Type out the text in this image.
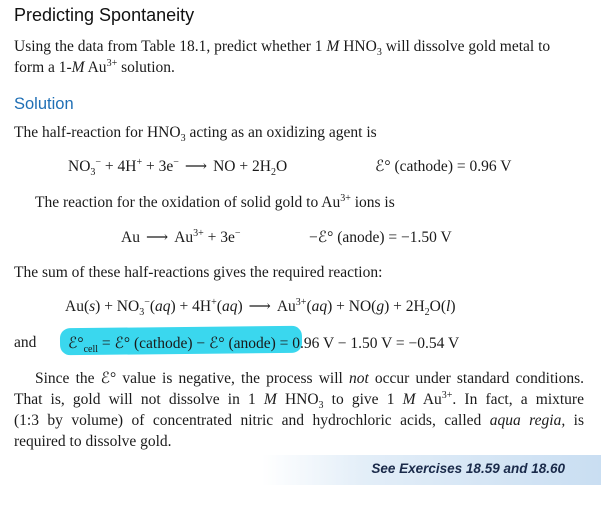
Predicting Spontaneity
Using the data from Table 18.1, predict whether 1 M $HNO_3$ will dissolve gold metal to
form a 1-M $Au^{3+}$ solution.
Solution
The half-reaction for $HNO_3$ acting as an oxidizing agent is
$NO_3^- + 4H^+ + 3e^-$ ⟶ NO + $2H_2O$	ℰ° (cathode) = 0.96 V
The reaction for the oxidation of solid gold to $Au^{3+}$ ions is
Au ⟶ $Au^{3+} + 3e^-$	−ℰ° (anode) = −1.50 V
The sum of these half-reactions gives the required reaction:
$Au(s) + NO_3^-(aq) + 4H^+(aq)$ ⟶ $Au^{3+}(aq) + NO(g) + 2H_2O(l)$
and $ℰ^\circ_{cell}$ = ℰ° (cathode) − ℰ° (anode) = 0.96 V − 1.50 V = −0.54 V
Since the ℰ° value is negative, the process will not occur under standard conditions.
That is, gold will not dissolve in 1 M $HNO_3$ to give 1 M $Au^{3+}$. In fact, a mixture
(1:3 by volume) of concentrated nitric and hydrochloric acids, called aqua regia, is
required to dissolve gold.
See Exercises 18.59 and 18.60
